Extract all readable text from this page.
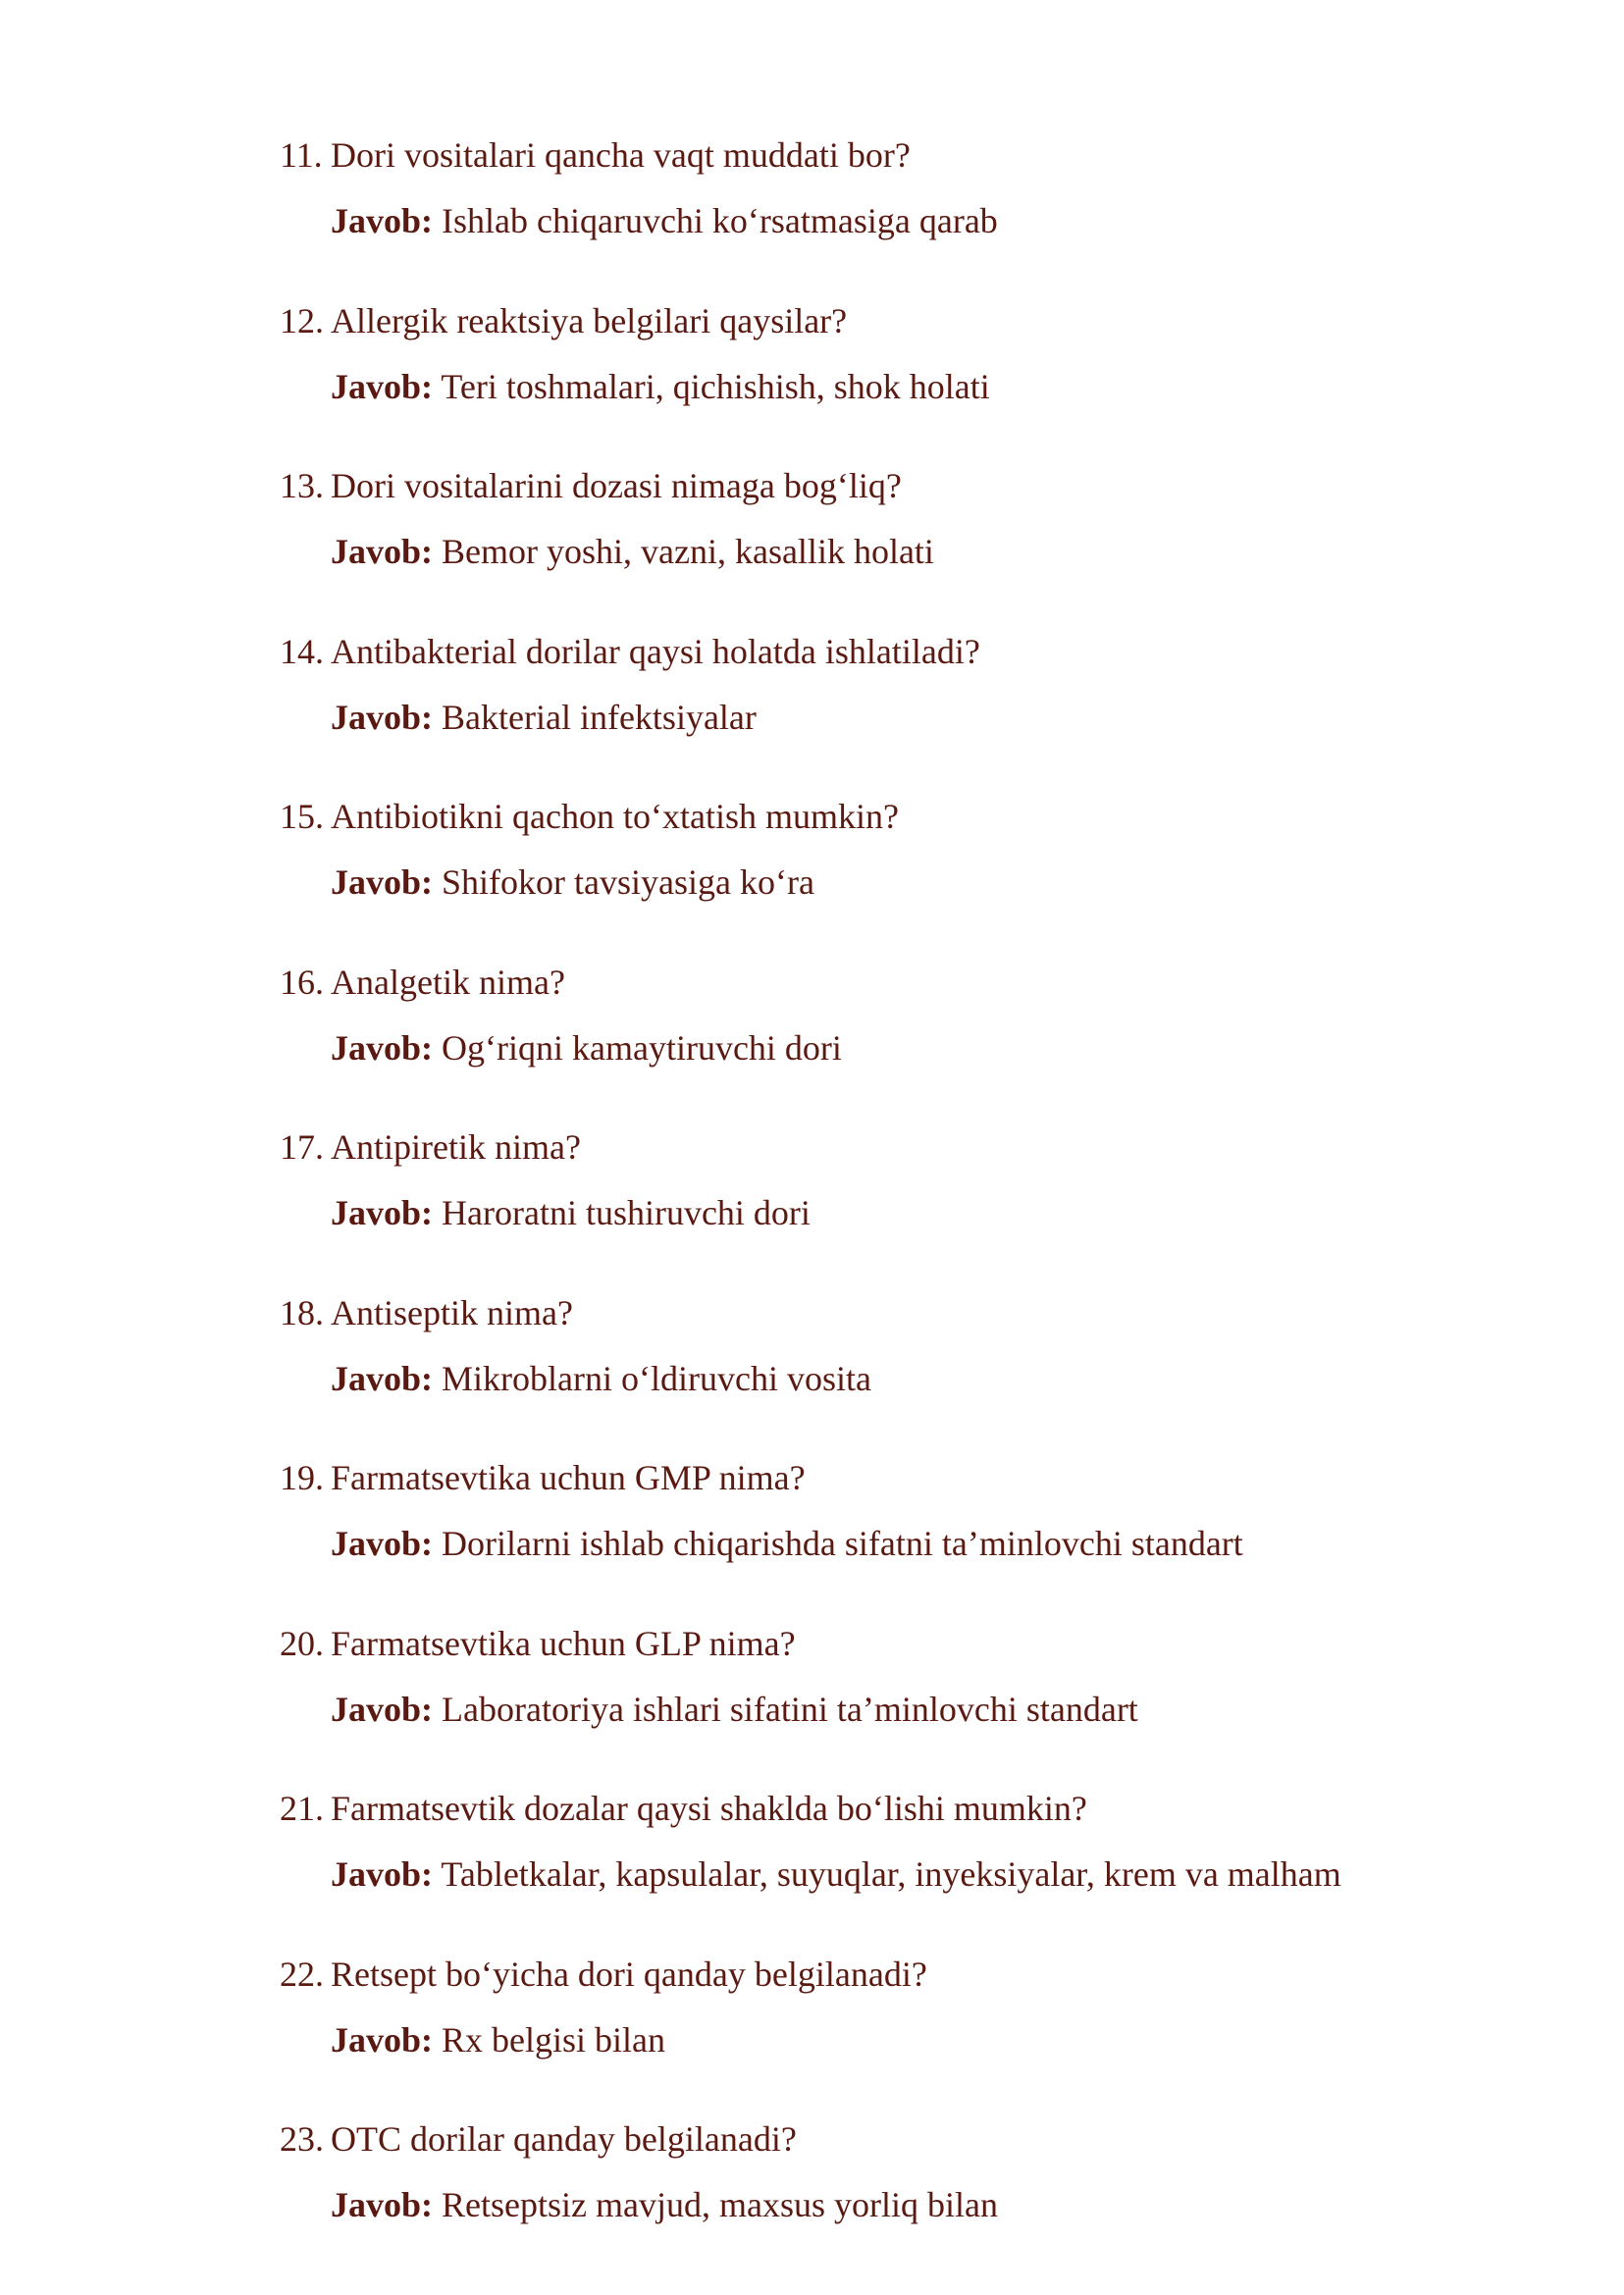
11. Dori vositalari qancha vaqt muddati bor?
Javob: Ishlab chiqaruvchi ko‘rsatmasiga qarab
12. Allergik reaktsiya belgilari qaysilar?
Javob: Teri toshmalari, qichishish, shok holati
13. Dori vositalarini dozasi nimaga bog‘liq?
Javob: Bemor yoshi, vazni, kasallik holati
14. Antibakterial dorilar qaysi holatda ishlatiladi?
Javob: Bakterial infektsiyalar
15. Antibiotikni qachon to‘xtatish mumkin?
Javob: Shifokor tavsiyasiga ko‘ra
16. Analgetik nima?
Javob: Og‘riqni kamaytiruvchi dori
17. Antipiretik nima?
Javob: Haroratni tushiruvchi dori
18. Antiseptik nima?
Javob: Mikroblarni o‘ldiruvchi vosita
19. Farmatsevtika uchun GMP nima?
Javob: Dorilarni ishlab chiqarishda sifatni ta’minlovchi standart
20. Farmatsevtika uchun GLP nima?
Javob: Laboratoriya ishlari sifatini ta’minlovchi standart
21. Farmatsevtik dozalar qaysi shaklda bo‘lishi mumkin?
Javob: Tabletkalar, kapsulalar, suyuqlar, inyeksiyalar, krem va malham
22. Retsept bo‘yicha dori qanday belgilanadi?
Javob: Rx belgisi bilan
23. OTC dorilar qanday belgilanadi?
Javob: Retseptsiz mavjud, maxsus yorliq bilan
